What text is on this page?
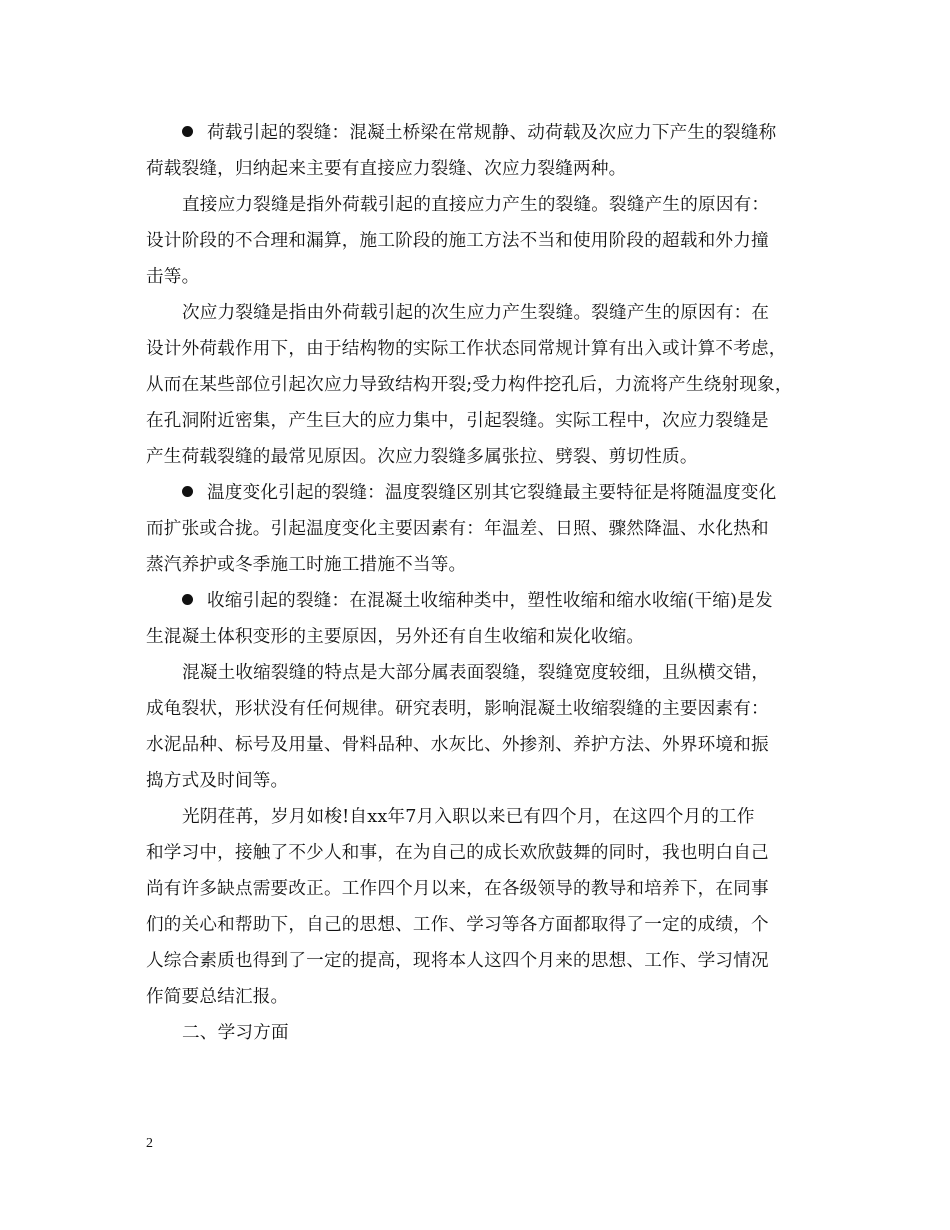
荷载引起的裂缝：混凝土桥梁在常规静、动荷载及次应力下产生的裂缝称
荷载裂缝，归纳起来主要有直接应力裂缝、次应力裂缝两种。
直接应力裂缝是指外荷载引起的直接应力产生的裂缝。裂缝产生的原因有：
设计阶段的不合理和漏算，施工阶段的施工方法不当和使用阶段的超载和外力撞
击等。
次应力裂缝是指由外荷载引起的次生应力产生裂缝。裂缝产生的原因有：在
设计外荷载作用下，由于结构物的实际工作状态同常规计算有出入或计算不考虑，
从而在某些部位引起次应力导致结构开裂;受力构件挖孔后，力流将产生绕射现象，
在孔洞附近密集，产生巨大的应力集中，引起裂缝。实际工程中，次应力裂缝是
产生荷载裂缝的最常见原因。次应力裂缝多属张拉、劈裂、剪切性质。
温度变化引起的裂缝：温度裂缝区别其它裂缝最主要特征是将随温度变化
而扩张或合拢。引起温度变化主要因素有：年温差、日照、骤然降温、水化热和
蒸汽养护或冬季施工时施工措施不当等。
收缩引起的裂缝：在混凝土收缩种类中，塑性收缩和缩水收缩(干缩)是发
生混凝土体积变形的主要原因，另外还有自生收缩和炭化收缩。
混凝土收缩裂缝的特点是大部分属表面裂缝，裂缝宽度较细，且纵横交错，
成龟裂状，形状没有任何规律。研究表明，影响混凝土收缩裂缝的主要因素有：
水泥品种、标号及用量、骨料品种、水灰比、外掺剂、养护方法、外界环境和振
捣方式及时间等。
光阴荏苒，岁月如梭!自xx年7月入职以来已有四个月，在这四个月的工作
和学习中，接触了不少人和事，在为自己的成长欢欣鼓舞的同时，我也明白自己
尚有许多缺点需要改正。工作四个月以来，在各级领导的教导和培养下，在同事
们的关心和帮助下，自己的思想、工作、学习等各方面都取得了一定的成绩，个
人综合素质也得到了一定的提高，现将本人这四个月来的思想、工作、学习情况
作简要总结汇报。
二、学习方面
2
